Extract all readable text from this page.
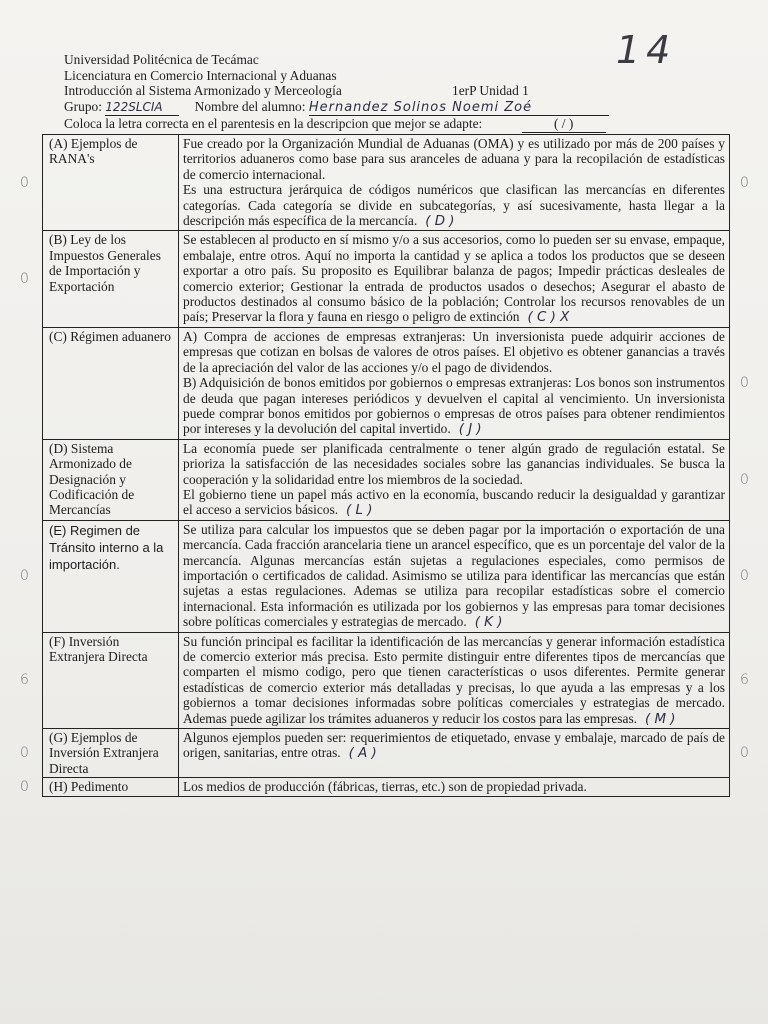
14
Universidad Politécnica de Tecámac
Licenciatura en Comercio Internacional y Aduanas
Introducción al Sistema Armonizado y Merceología	1erP Unidad 1
Grupo: 122SLCIA Nombre del alumno: Hernandez Solinos Noemi Zoé
Coloca la letra correcta en el parentesis en la descripcion que mejor se adapte:	( / )
(A) Ejemplos de RANA's	Fue creado por la Organización Mundial de Aduanas (OMA) y es utilizado por más de 200 países y territorios aduaneros como base para sus aranceles de aduana y para la recopilación de estadísticas de comercio internacional.
Es una estructura jerárquica de códigos numéricos que clasifican las mercancías en diferentes categorías. Cada categoría se divide en subcategorías, y así sucesivamente, hasta llegar a la descripción más específica de la mercancía. ( D )

(B) Ley de los Impuestos Generales de Importación y Exportación	Se establecen al producto en sí mismo y/o a sus accesorios, como lo pueden ser su envase, empaque, embalaje, entre otros. Aquí no importa la cantidad y se aplica a todos los productos que se deseen exportar a otro país. Su proposito es Equilibrar balanza de pagos; Impedir prácticas desleales de comercio exterior; Gestionar la entrada de productos usados o desechos; Asegurar el abasto de productos destinados al consumo básico de la población; Controlar los recursos renovables de un país; Preservar la flora y fauna en riesgo o peligro de extinción ( C ) X

(C) Régimen aduanero	A) Compra de acciones de empresas extranjeras: Un inversionista puede adquirir acciones de empresas que cotizan en bolsas de valores de otros países. El objetivo es obtener ganancias a través de la apreciación del valor de las acciones y/o el pago de dividendos.
B) Adquisición de bonos emitidos por gobiernos o empresas extranjeras: Los bonos son instrumentos de deuda que pagan intereses periódicos y devuelven el capital al vencimiento. Un inversionista puede comprar bonos emitidos por gobiernos o empresas de otros países para obtener rendimientos por intereses y la devolución del capital invertido. ( J )

(D) Sistema Armonizado de Designación y Codificación de Mercancías	La economía puede ser planificada centralmente o tener algún grado de regulación estatal. Se prioriza la satisfacción de las necesidades sociales sobre las ganancias individuales. Se busca la cooperación y la solidaridad entre los miembros de la sociedad.
El gobierno tiene un papel más activo en la economía, buscando reducir la desigualdad y garantizar el acceso a servicios básicos. ( L )

(E) Regimen de Tránsito interno a la importación.	Se utiliza para calcular los impuestos que se deben pagar por la importación o exportación de una mercancía. Cada fracción arancelaria tiene un arancel específico, que es un porcentaje del valor de la mercancía. Algunas mercancías están sujetas a regulaciones especiales, como permisos de importación o certificados de calidad. Asimismo se utiliza para identificar las mercancías que están sujetas a estas regulaciones. Ademas se utiliza para recopilar estadísticas sobre el comercio internacional. Esta información es utilizada por los gobiernos y las empresas para tomar decisiones sobre políticas comerciales y estrategias de mercado. ( K )

(F) Inversión Extranjera Directa	Su función principal es facilitar la identificación de las mercancías y generar información estadística de comercio exterior más precisa. Esto permite distinguir entre diferentes tipos de mercancías que comparten el mismo codigo, pero que tienen características o usos diferentes. Permite generar estadísticas de comercio exterior más detalladas y precisas, lo que ayuda a las empresas y a los gobiernos a tomar decisiones informadas sobre políticas comerciales y estrategias de mercado. Ademas puede agilizar los trámites aduaneros y reducir los costos para las empresas. ( M )

(G) Ejemplos de Inversión Extranjera Directa	Algunos ejemplos pueden ser: requerimientos de etiquetado, envase y embalaje, marcado de país de origen, sanitarias, entre otras. ( A )

(H) Pedimento	Los medios de producción (fábricas, tierras, etc.) son de propiedad privada.
0	0
0
0
0
0	0
6	6
0	0
0
